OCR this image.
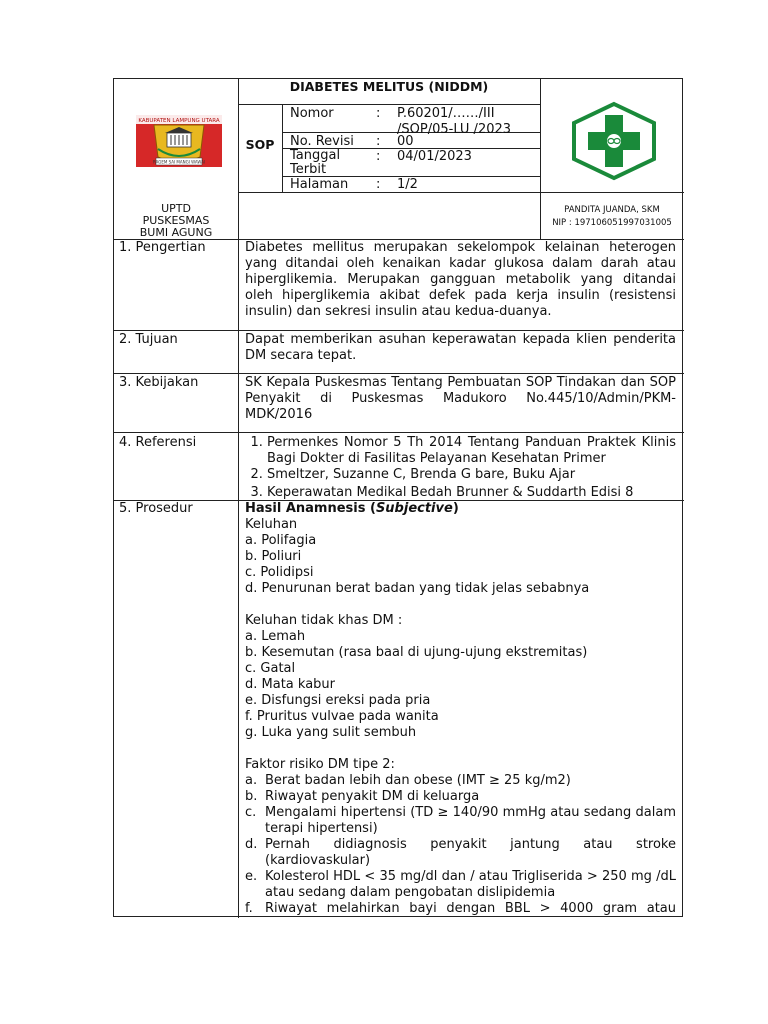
KABUPATEN LAMPUNG UTARA
RAGEM SAI MANGI WAWAI
UPTD
PUSKESMAS
BUMI AGUNG
DIABETES MELITUS (NIDDM)
SOP
Nomor	: P.60201/……/III /SOP/05-LU /2023
No. Revisi : 00
Tanggal Terbit
: 04/01/2023
Halaman : 1/2
PANDITA JUANDA, SKM
NIP : 197106051997031005
1. Pengertian	Diabetes mellitus merupakan sekelompok kelainan heterogen yang ditandai oleh kenaikan kadar glukosa dalam darah atau hiperglikemia. Merupakan gangguan metabolik yang ditandai oleh hiperglikemia akibat defek pada kerja insulin (resistensi insulin) dan sekresi insulin atau kedua-duanya.
2. Tujuan	Dapat memberikan asuhan keperawatan kepada klien penderita DM secara tepat.
3. Kebijakan	SK Kepala Puskesmas Tentang Pembuatan SOP Tindakan dan SOP Penyakit di Puskesmas Madukoro No.445/10/Admin/PKM-MDK/2016
4. Referensi
1.	Permenkes Nomor 5 Th 2014 Tentang Panduan Praktek Klinis Bagi Dokter di Fasilitas Pelayanan Kesehatan Primer
2. Smeltzer, Suzanne C, Brenda G bare, Buku Ajar
3. Keperawatan Medikal Bedah Brunner & Suddarth Edisi 8
5. Prosedur	Hasil Anamnesis (Subjective)
Keluhan
a. Polifagia
b. Poliuri
c. Polidipsi
d. Penurunan berat badan yang tidak jelas sebabnya
Keluhan tidak khas DM :
a. Lemah
b. Kesemutan (rasa baal di ujung-ujung ekstremitas)
c. Gatal
d. Mata kabur
e. Disfungsi ereksi pada pria
f. Pruritus vulvae pada wanita
g. Luka yang sulit sembuh
Faktor risiko DM tipe 2:
a. Berat badan lebih dan obese (IMT ≥ 25 kg/m2)
b. Riwayat penyakit DM di keluarga
c. Mengalami hipertensi (TD ≥ 140/90 mmHg atau sedang dalam terapi hipertensi)
d. Pernah didiagnosis penyakit jantung atau stroke (kardiovaskular)
e. Kolesterol HDL < 35 mg/dl dan / atau Trigliserida > 250 mg /dL atau sedang dalam pengobatan dislipidemia
f. Riwayat melahirkan bayi dengan BBL > 4000 gram atau
